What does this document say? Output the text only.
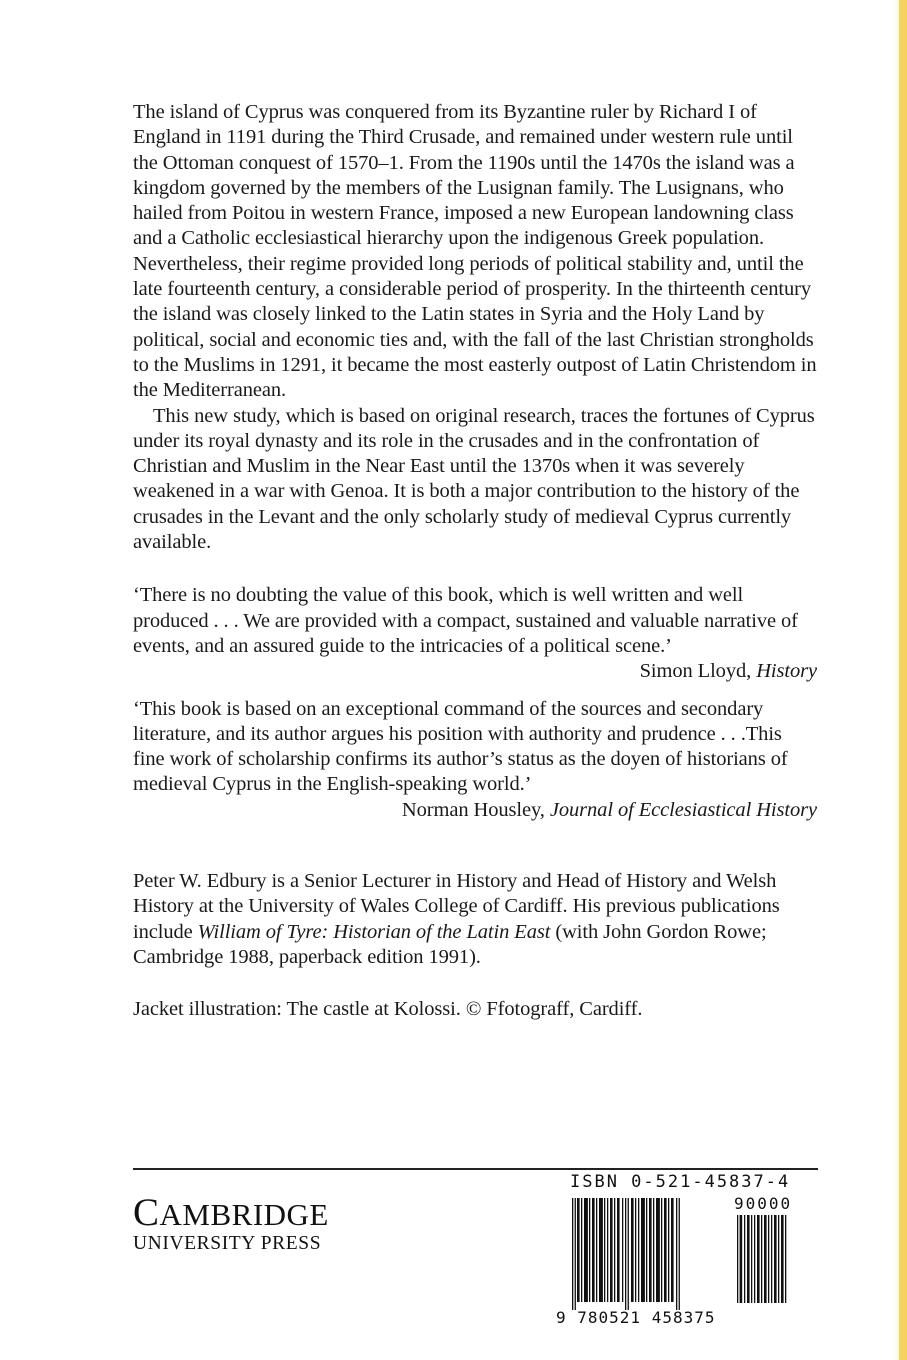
The island of Cyprus was conquered from its Byzantine ruler by Richard I of England in 1191 during the Third Crusade, and remained under western rule until the Ottoman conquest of 1570–1. From the 1190s until the 1470s the island was a kingdom governed by the members of the Lusignan family. The Lusignans, who hailed from Poitou in western France, imposed a new European landowning class and a Catholic ecclesiastical hierarchy upon the indigenous Greek population. Nevertheless, their regime provided long periods of political stability and, until the late fourteenth century, a considerable period of prosperity. In the thirteenth century the island was closely linked to the Latin states in Syria and the Holy Land by political, social and economic ties and, with the fall of the last Christian strongholds to the Muslims in 1291, it became the most easterly outpost of Latin Christendom in the Mediterranean.

This new study, which is based on original research, traces the fortunes of Cyprus under its royal dynasty and its role in the crusades and in the confrontation of Christian and Muslim in the Near East until the 1370s when it was severely weakened in a war with Genoa. It is both a major contribution to the history of the crusades in the Levant and the only scholarly study of medieval Cyprus currently available.

‘There is no doubting the value of this book, which is well written and well produced . . . We are provided with a compact, sustained and valuable narrative of events, and an assured guide to the intricacies of a political scene.’

Simon Lloyd, History

‘This book is based on an exceptional command of the sources and secondary literature, and its author argues his position with authority and prudence . . .This fine work of scholarship confirms its author’s status as the doyen of historians of medieval Cyprus in the English-speaking world.’

Norman Housley, Journal of Ecclesiastical History

Peter W. Edbury is a Senior Lecturer in History and Head of History and Welsh History at the University of Wales College of Cardiff. His previous publications include William of Tyre: Historian of the Latin East (with John Gordon Rowe; Cambridge 1988, paperback edition 1991).

Jacket illustration: The castle at Kolossi. © Ffotograff, Cardiff.

CAMBRIDGE
UNIVERSITY PRESS
ISBN 0-521-45837-4
90000
9 780521 458375
